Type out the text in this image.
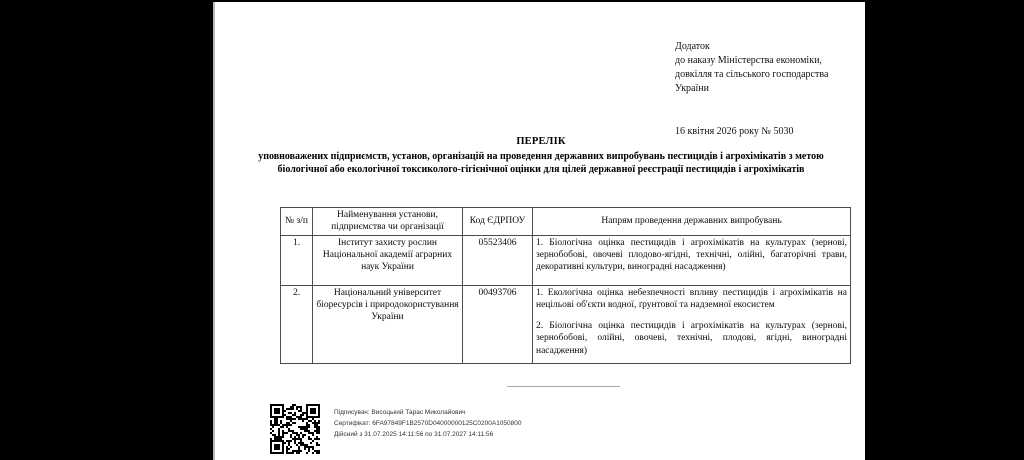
Додаток
до наказу Міністерства економіки,
довкілля та сільського господарства
України
16 квітня 2026 року № 5030
ПЕРЕЛІК
уповноважених підприємств, установ, організацій на проведення державних випробувань пестицидів і агрохімікатів з метою біологічної або екологічної токсиколого-гігієнічної оцінки для цілей державної реєстрації пестицидів і агрохімікатів
№ з/п	Найменування установи, підприємства чи організації	Код ЄДРПОУ	Напрям проведення державних випробувань
1.	Інститут захисту рослин Національної академії аграрних наук України	05523406	1. Біологічна оцінка пестицидів і агрохімікатів на культурах (зернові, зернобобові, овочеві плодово-ягідні, технічні, олійні, багаторічні трави, декоративні культури, виноградні насадження)

2.	Національний університет біоресурсів і природокористування України	00493706	1. Екологічна оцінка небезпечності впливу пестицидів і агрохімікатів на нецільові об'єкти водної, ґрунтової та надземної екосистем
2. Біологічна оцінка пестицидів і агрохімікатів на культурах (зернові, зернобобові, олійні, овочеві, технічні, плодові, ягідні, виноградні насадження)
Підписувач: Висоцький Тарас Миколайович
Сертифікат: 6FA97849F1B2570D04000000125C0200A1050800
Дійсний з 31.07.2025 14:11:56 по 31.07.2027 14:11:56
